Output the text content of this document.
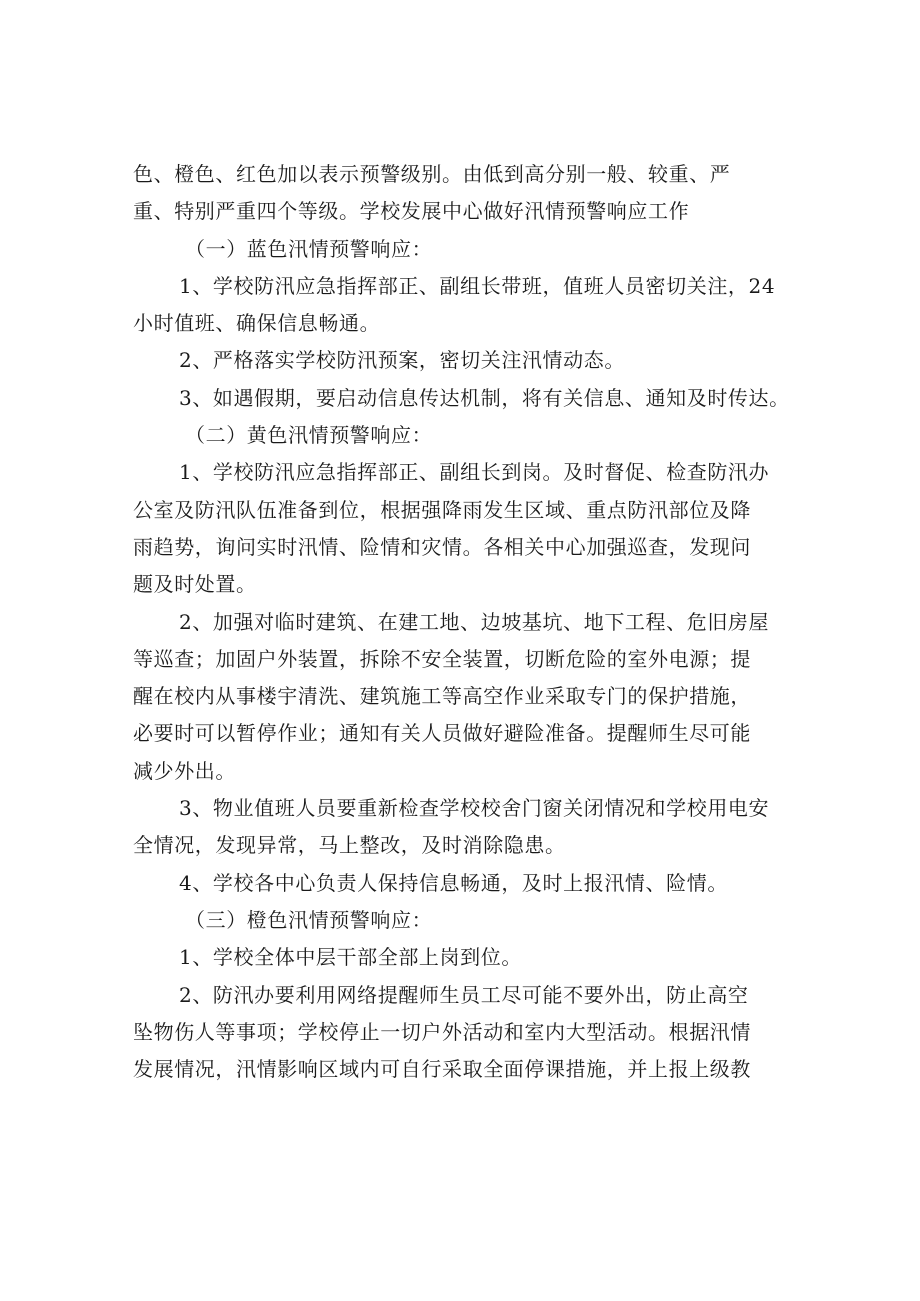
色、橙色、红色加以表示预警级别。由低到高分别一般、较重、严
重、特别严重四个等级。学校发展中心做好汛情预警响应工作

（一）蓝色汛情预警响应：

1、学校防汛应急指挥部正、副组长带班，值班人员密切关注，24
小时值班、确保信息畅通。

2、严格落实学校防汛预案，密切关注汛情动态。

3、如遇假期，要启动信息传达机制，将有关信息、通知及时传达。

（二）黄色汛情预警响应：

1、学校防汛应急指挥部正、副组长到岗。及时督促、检查防汛办
公室及防汛队伍准备到位，根据强降雨发生区域、重点防汛部位及降
雨趋势，询问实时汛情、险情和灾情。各相关中心加强巡查，发现问
题及时处置。

2、加强对临时建筑、在建工地、边坡基坑、地下工程、危旧房屋
等巡查；加固户外装置，拆除不安全装置，切断危险的室外电源；提
醒在校内从事楼宇清洗、建筑施工等高空作业采取专门的保护措施，
必要时可以暂停作业；通知有关人员做好避险准备。提醒师生尽可能
减少外出。

3、物业值班人员要重新检查学校校舍门窗关闭情况和学校用电安
全情况，发现异常，马上整改，及时消除隐患。

4、学校各中心负责人保持信息畅通，及时上报汛情、险情。

（三）橙色汛情预警响应：

1、学校全体中层干部全部上岗到位。

2、防汛办要利用网络提醒师生员工尽可能不要外出，防止高空
坠物伤人等事项；学校停止一切户外活动和室内大型活动。根据汛情
发展情况，汛情影响区域内可自行采取全面停课措施，并上报上级教
